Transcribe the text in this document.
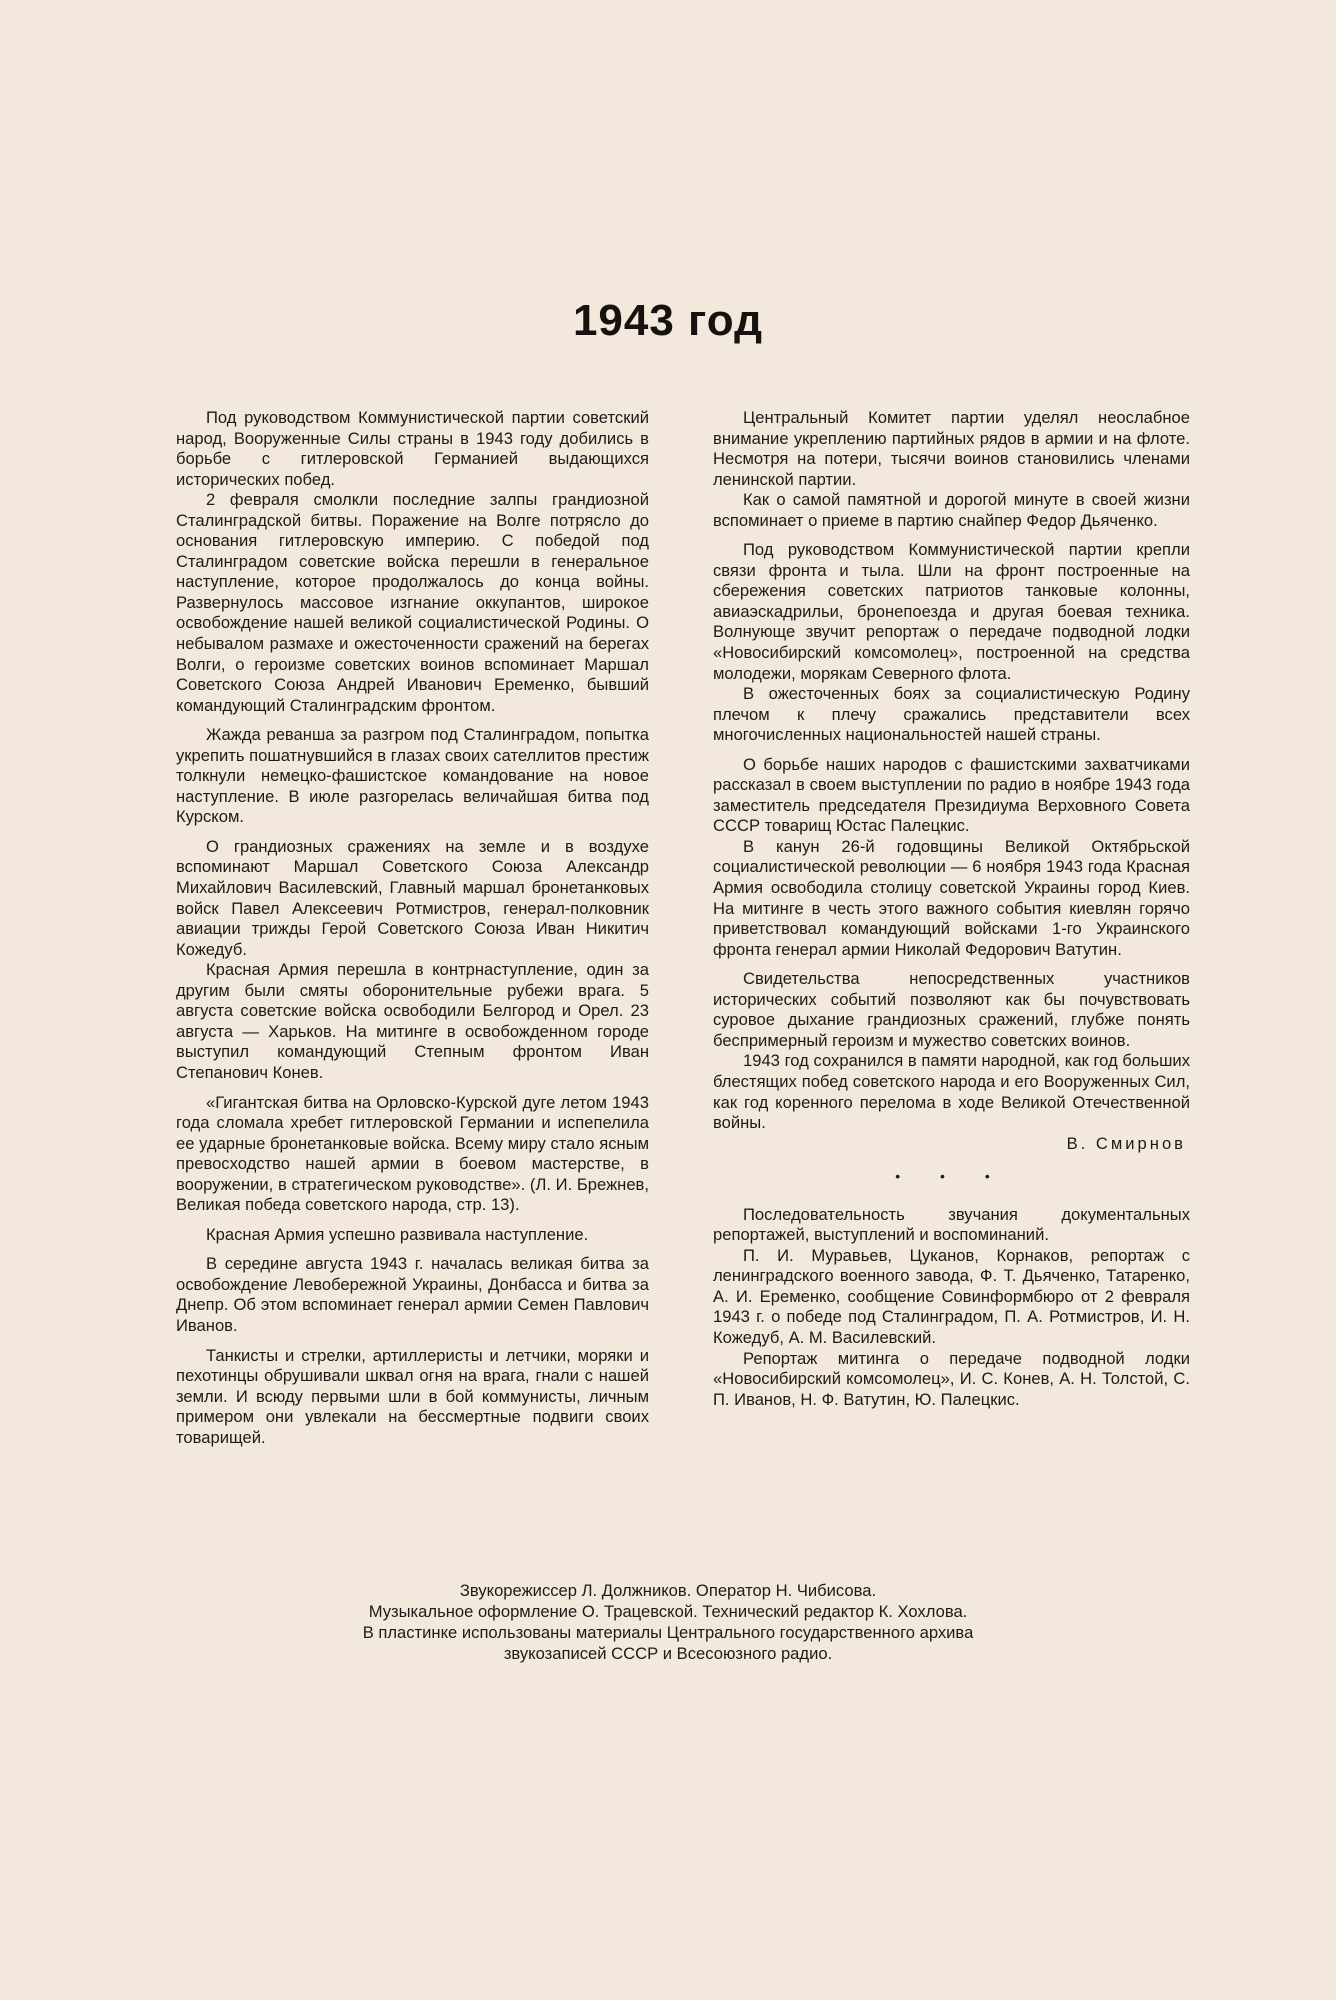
1943 год

Под руководством Коммунистической партии советский народ, Вооруженные Силы страны в 1943 году добились в борьбе с гитлеровской Германией выдающихся исторических побед.

2 февраля смолкли последние залпы грандиозной Сталинградской битвы. Поражение на Волге потрясло до основания гитлеровскую империю. С победой под Сталинградом советские войска перешли в генеральное наступление, которое продолжалось до конца войны. Развернулось массовое изгнание оккупантов, широкое освобождение нашей великой социалистической Родины. О небывалом размахе и ожесточенности сражений на берегах Волги, о героизме советских воинов вспоминает Маршал Советского Союза Андрей Иванович Еременко, бывший командующий Сталинградским фронтом.

Жажда реванша за разгром под Сталинградом, попытка укрепить пошатнувшийся в глазах своих сателлитов престиж толкнули немецко-фашистское командование на новое наступление. В июле разгорелась величайшая битва под Курском.

О грандиозных сражениях на земле и в воздухе вспоминают Маршал Советского Союза Александр Михайлович Василевский, Главный маршал бронетанковых войск Павел Алексеевич Ротмистров, генерал-полковник авиации трижды Герой Советского Союза Иван Никитич Кожедуб.

Красная Армия перешла в контрнаступление, один за другим были смяты оборонительные рубежи врага. 5 августа советские войска освободили Белгород и Орел. 23 августа — Харьков. На митинге в освобожденном городе выступил командующий Степным фронтом Иван Степанович Конев.

«Гигантская битва на Орловско-Курской дуге летом 1943 года сломала хребет гитлеровской Германии и испепелила ее ударные бронетанковые войска. Всему миру стало ясным превосходство нашей армии в боевом мастерстве, в вооружении, в стратегическом руководстве». (Л. И. Брежнев, Великая победа советского народа, стр. 13).

Красная Армия успешно развивала наступление.

В середине августа 1943 г. началась великая битва за освобождение Левобережной Украины, Донбасса и битва за Днепр. Об этом вспоминает генерал армии Семен Павлович Иванов.

Танкисты и стрелки, артиллеристы и летчики, моряки и пехотинцы обрушивали шквал огня на врага, гнали с нашей земли. И всюду первыми шли в бой коммунисты, личным примером они увлекали на бессмертные подвиги своих товарищей.

Центральный Комитет партии уделял неослабное внимание укреплению партийных рядов в армии и на флоте. Несмотря на потери, тысячи воинов становились членами ленинской партии.

Как о самой памятной и дорогой минуте в своей жизни вспоминает о приеме в партию снайпер Федор Дьяченко.

Под руководством Коммунистической партии крепли связи фронта и тыла. Шли на фронт построенные на сбережения советских патриотов танковые колонны, авиаэскадрильи, бронепоезда и другая боевая техника. Волнующе звучит репортаж о передаче подводной лодки «Новосибирский комсомолец», построенной на средства молодежи, морякам Северного флота.

В ожесточенных боях за социалистическую Родину плечом к плечу сражались представители всех многочисленных национальностей нашей страны.

О борьбе наших народов с фашистскими захватчиками рассказал в своем выступлении по радио в ноябре 1943 года заместитель председателя Президиума Верховного Совета СССР товарищ Юстас Палецкис.

В канун 26-й годовщины Великой Октябрьской социалистической революции — 6 ноября 1943 года Красная Армия освободила столицу советской Украины город Киев. На митинге в честь этого важного события киевлян горячо приветствовал командующий войсками 1-го Украинского фронта генерал армии Николай Федорович Ватутин.

Свидетельства непосредственных участников исторических событий позволяют как бы почувствовать суровое дыхание грандиозных сражений, глубже понять беспримерный героизм и мужество советских воинов.

1943 год сохранился в памяти народной, как год больших блестящих побед советского народа и его Вооруженных Сил, как год коренного перелома в ходе Великой Отечественной войны.

В. Смирнов

• • •

Последовательность звучания документальных репортажей, выступлений и воспоминаний.

П. И. Муравьев, Цуканов, Корнаков, репортаж с ленинградского военного завода, Ф. Т. Дьяченко, Татаренко, А. И. Еременко, сообщение Совинформбюро от 2 февраля 1943 г. о победе под Сталинградом, П. А. Ротмистров, И. Н. Кожедуб, А. М. Василевский.

Репортаж митинга о передаче подводной лодки «Новосибирский комсомолец», И. С. Конев, А. Н. Толстой, С. П. Иванов, Н. Ф. Ватутин, Ю. Палецкис.

Звукорежиссер Л. Должников. Оператор Н. Чибисова.
Музыкальное оформление О. Трацевской. Технический редактор К. Хохлова.
В пластинке использованы материалы Центрального государственного архива
звукозаписей СССР и Всесоюзного радио.
